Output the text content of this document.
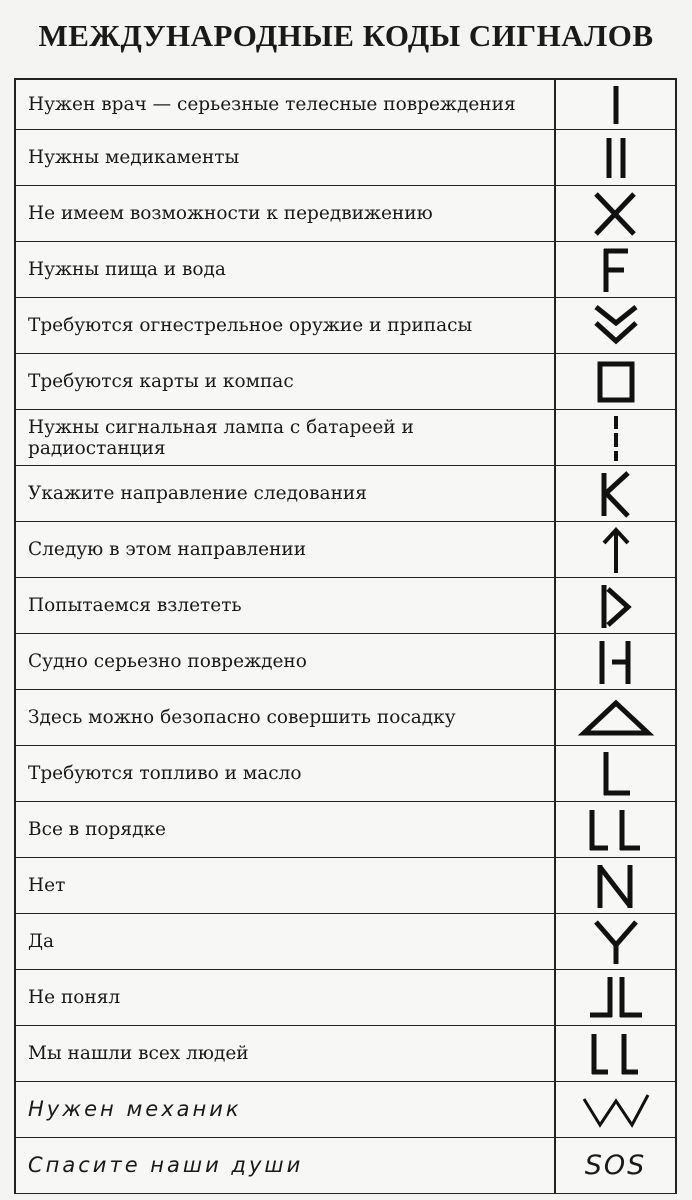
МЕЖДУНАРОДНЫЕ КОДЫ СИГНАЛОВ
Нужен врач — серьезные телесные повреждения
Нужны медикаменты
Не имеем возможности к передвижению
Нужны пища и вода
Требуются огнестрельное оружие и припасы
Требуются карты и компас
Нужны сигнальная лампа с батареей и радиостанция
Укажите направление следования
Следую в этом направлении
Попытаемся взлететь
Судно серьезно повреждено
Здесь можно безопасно совершить посадку
Требуются топливо и масло
Все в порядке
Нет
Да
Не понял
Мы нашли всех людей
Нужен механик
Спасите наши души	SOS
